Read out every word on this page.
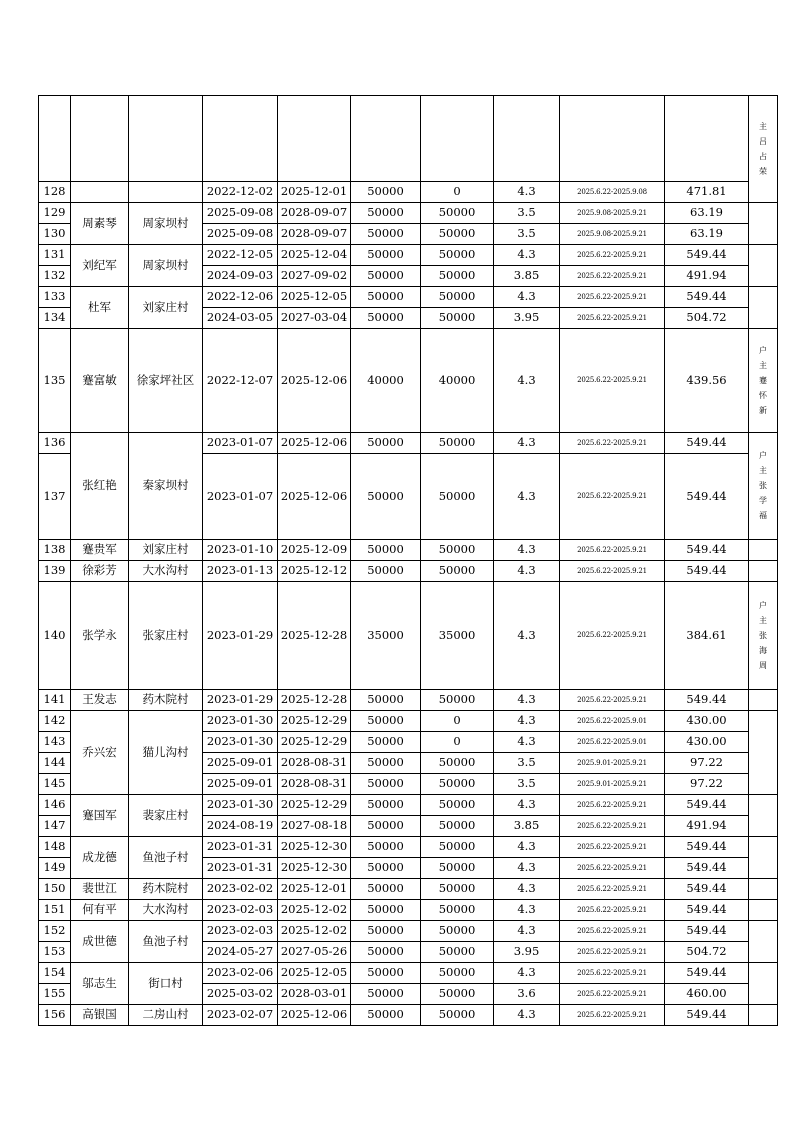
										主
吕
占
荣

128			2022-12-02	2025-12-01	50000	0	4.3	2025.6.22-2025.9.08	471.81	
129	周素琴	周家坝村	2025-09-08	2028-09-07	50000	50000	3.5	2025.9.08-2025.9.21	63.19	
130			2025-09-08	2028-09-07	50000	50000	3.5	2025.9.08-2025.9.21	63.19	
131	刘纪军	周家坝村	2022-12-05	2025-12-04	50000	50000	4.3	2025.6.22-2025.9.21	549.44	
132			2024-09-03	2027-09-02	50000	50000	3.85	2025.6.22-2025.9.21	491.94	
133	杜军	刘家庄村	2022-12-06	2025-12-05	50000	50000	4.3	2025.6.22-2025.9.21	549.44	
134			2024-03-05	2027-03-04	50000	50000	3.95	2025.6.22-2025.9.21	504.72	
135	蹇富敏	徐家坪社区	2022-12-07	2025-12-06	40000	40000	4.3	2025.6.22-2025.9.21	439.56	户
主
蹇
怀
新

136	张红艳	秦家坝村	2023-01-07	2025-12-06	50000	50000	4.3	2025.6.22-2025.9.21	549.44	户
主
张
学
福

137			2023-01-07	2025-12-06	50000	50000	4.3	2025.6.22-2025.9.21	549.44	
138	蹇贵军	刘家庄村	2023-01-10	2025-12-09	50000	50000	4.3	2025.6.22-2025.9.21	549.44	
139	徐彩芳	大水沟村	2023-01-13	2025-12-12	50000	50000	4.3	2025.6.22-2025.9.21	549.44	
140	张学永	张家庄村	2023-01-29	2025-12-28	35000	35000	4.3	2025.6.22-2025.9.21	384.61	户
主
张
海
周

141	王发志	药木院村	2023-01-29	2025-12-28	50000	50000	4.3	2025.6.22-2025.9.21	549.44	
142	乔兴宏	猫儿沟村	2023-01-30	2025-12-29	50000	0	4.3	2025.6.22-2025.9.01	430.00	
143			2023-01-30	2025-12-29	50000	0	4.3	2025.6.22-2025.9.01	430.00	
144			2025-09-01	2028-08-31	50000	50000	3.5	2025.9.01-2025.9.21	97.22	
145			2025-09-01	2028-08-31	50000	50000	3.5	2025.9.01-2025.9.21	97.22	
146	蹇国军	裴家庄村	2023-01-30	2025-12-29	50000	50000	4.3	2025.6.22-2025.9.21	549.44	
147			2024-08-19	2027-08-18	50000	50000	3.85	2025.6.22-2025.9.21	491.94	
148	成龙德	鱼池子村	2023-01-31	2025-12-30	50000	50000	4.3	2025.6.22-2025.9.21	549.44	
149			2023-01-31	2025-12-30	50000	50000	4.3	2025.6.22-2025.9.21	549.44	
150	裴世江	药木院村	2023-02-02	2025-12-01	50000	50000	4.3	2025.6.22-2025.9.21	549.44	
151	何有平	大水沟村	2023-02-03	2025-12-02	50000	50000	4.3	2025.6.22-2025.9.21	549.44	
152	成世德	鱼池子村	2023-02-03	2025-12-02	50000	50000	4.3	2025.6.22-2025.9.21	549.44	
153			2024-05-27	2027-05-26	50000	50000	3.95	2025.6.22-2025.9.21	504.72	
154	邬志生	街口村	2023-02-06	2025-12-05	50000	50000	4.3	2025.6.22-2025.9.21	549.44	
155			2025-03-02	2028-03-01	50000	50000	3.6	2025.6.22-2025.9.21	460.00	
156	高银国	二房山村	2023-02-07	2025-12-06	50000	50000	4.3	2025.6.22-2025.9.21	549.44	
